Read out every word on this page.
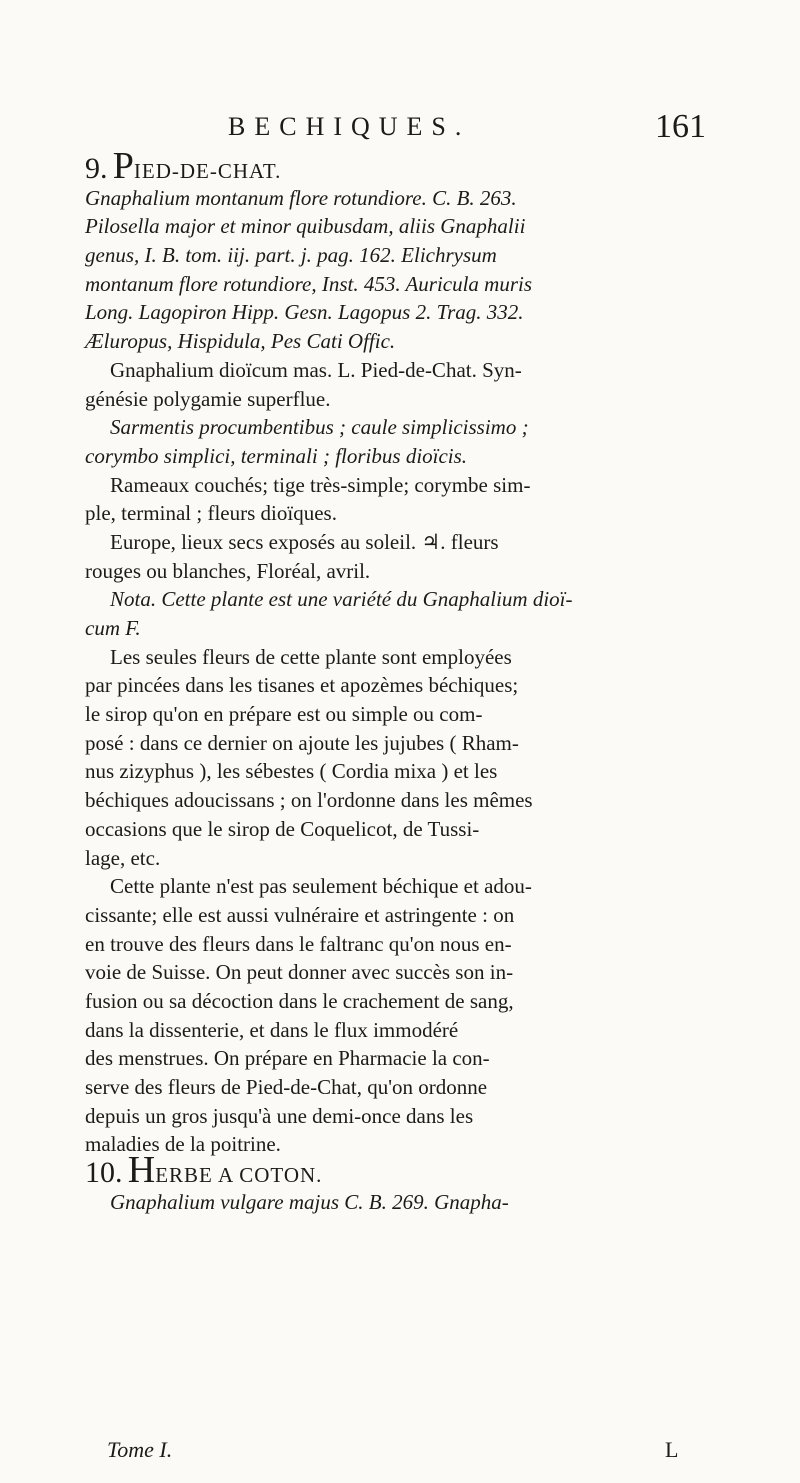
BECHIQUES.	161
9. PIED-DE-CHAT.
Gnaphalium montanum flore rotundiore. C. B. 263.
Pilosella major et minor quibusdam, aliis Gnaphalii
genus, I. B. tom. iij. part. j. pag. 162. Elichrysum
montanum flore rotundiore, Inst. 453. Auricula muris
Long. Lagopiron Hipp. Gesn. Lagopus 2. Trag. 332.
Æluropus, Hispidula, Pes Cati Offic.
Gnaphalium dioïcum mas. L. Pied-de-Chat. Syn-
génésie polygamie superflue.
Sarmentis procumbentibus ; caule simplicissimo ;
corymbo simplici, terminali ; floribus dioïcis.
Rameaux couchés; tige très-simple; corymbe sim-
ple, terminal ; fleurs dioïques.
Europe, lieux secs exposés au soleil. ♃. fleurs
rouges ou blanches, Floréal, avril.
Nota. Cette plante est une variété du Gnaphalium dioï-
cum F.
Les seules fleurs de cette plante sont employées
par pincées dans les tisanes et apozèmes béchiques;
le sirop qu'on en prépare est ou simple ou com-
posé : dans ce dernier on ajoute les jujubes ( Rham-
nus zizyphus ), les sébestes ( Cordia mixa ) et les
béchiques adoucissans ; on l'ordonne dans les mêmes
occasions que le sirop de Coquelicot, de Tussi-
lage, etc.
Cette plante n'est pas seulement béchique et adou-
cissante; elle est aussi vulnéraire et astringente : on
en trouve des fleurs dans le faltranc qu'on nous en-
voie de Suisse. On peut donner avec succès son in-
fusion ou sa décoction dans le crachement de sang,
dans la dissenterie, et dans le flux immodéré
des menstrues. On prépare en Pharmacie la con-
serve des fleurs de Pied-de-Chat, qu'on ordonne
depuis un gros jusqu'à une demi-once dans les
maladies de la poitrine.
10. HERBE A COTON.
Gnaphalium vulgare majus C. B. 269. Gnapha-
Tome I.	L
